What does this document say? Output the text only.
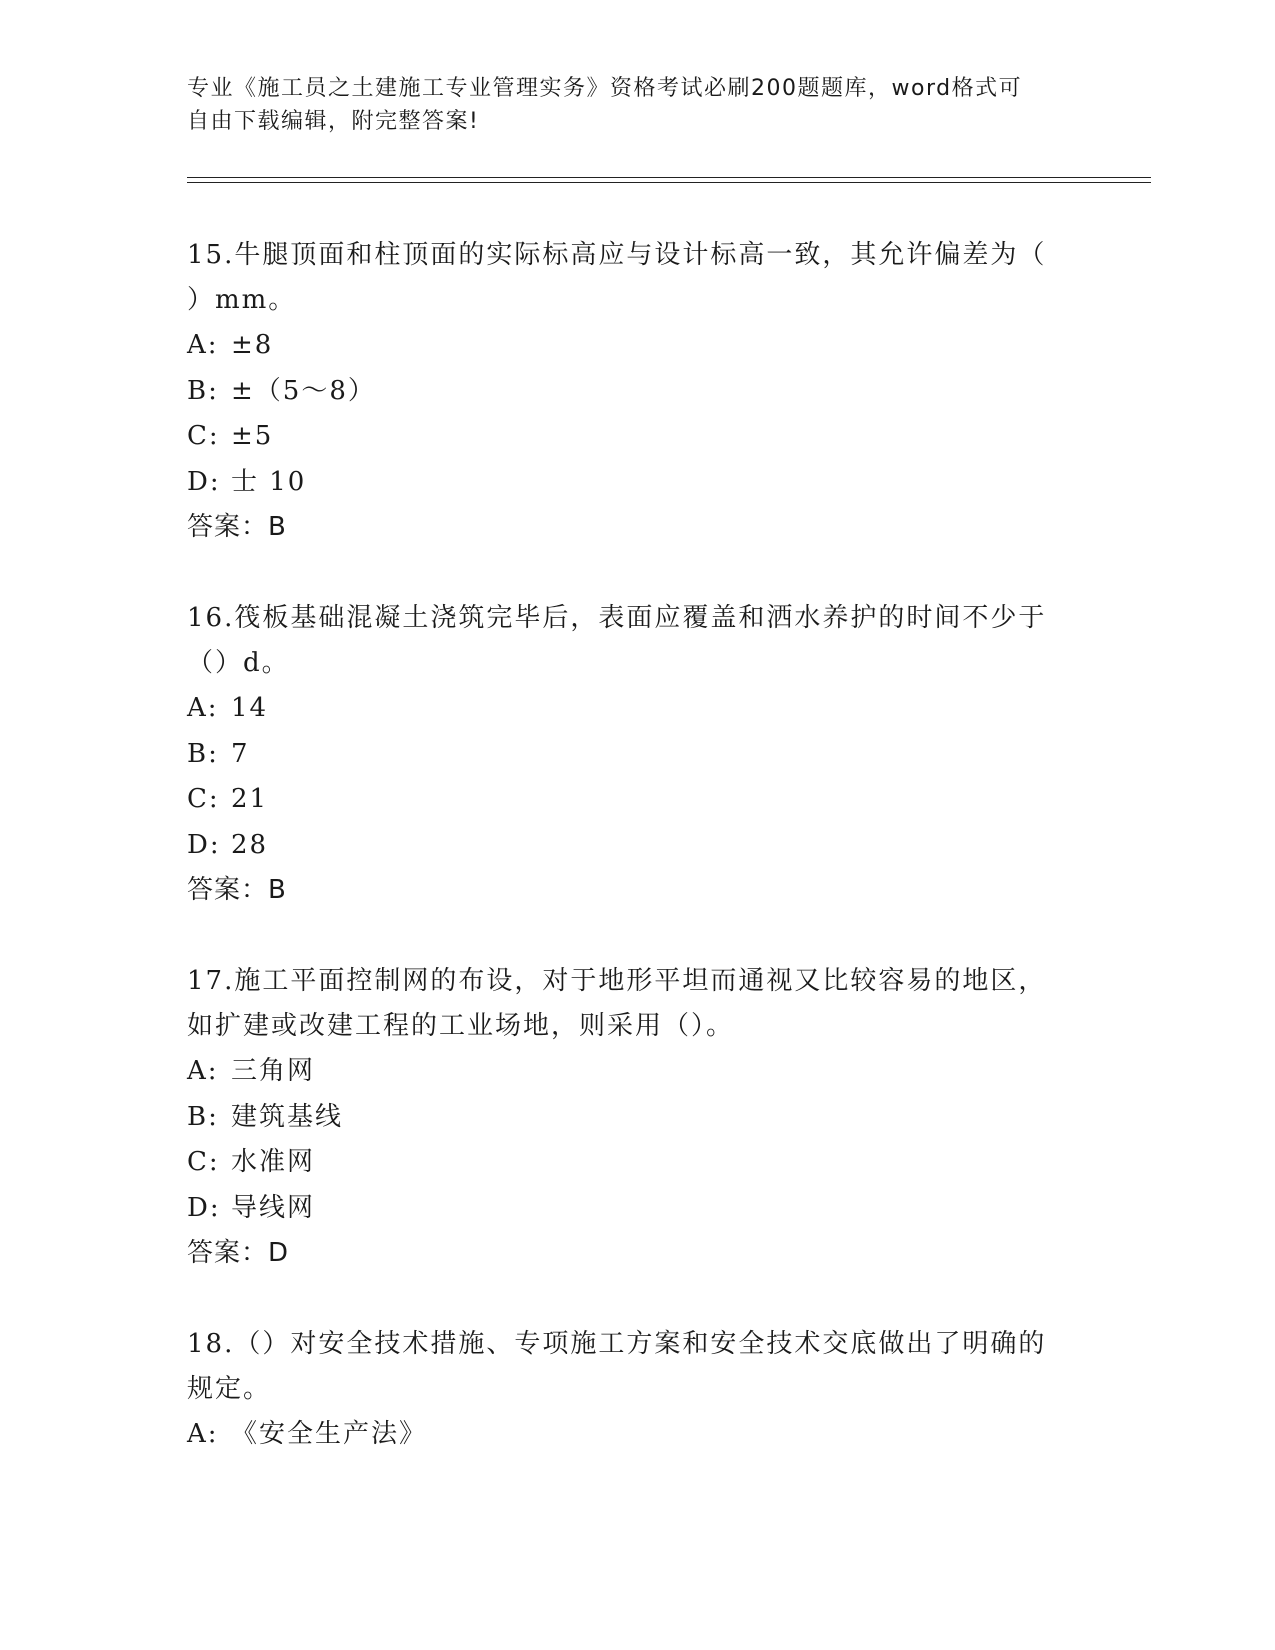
专业《施工员之土建施工专业管理实务》资格考试必刷200题题库，word格式可

自由下载编辑，附完整答案!

15.牛腿顶面和柱顶面的实际标高应与设计标高一致，其允许偏差为（

）mm。

A: ±8

B: ±（5～8）

C: ±5

D: 士 10

答案：B

16.筏板基础混凝土浇筑完毕后，表面应覆盖和洒水养护的时间不少于

（）d。

A: 14

B: 7

C: 21

D: 28

答案：B

17.施工平面控制网的布设，对于地形平坦而通视又比较容易的地区，

如扩建或改建工程的工业场地，则采用（）。

A: 三角网

B: 建筑基线

C: 水准网

D: 导线网

答案：D

18.（）对安全技术措施、专项施工方案和安全技术交底做出了明确的

规定。

A: 《安全生产法》
